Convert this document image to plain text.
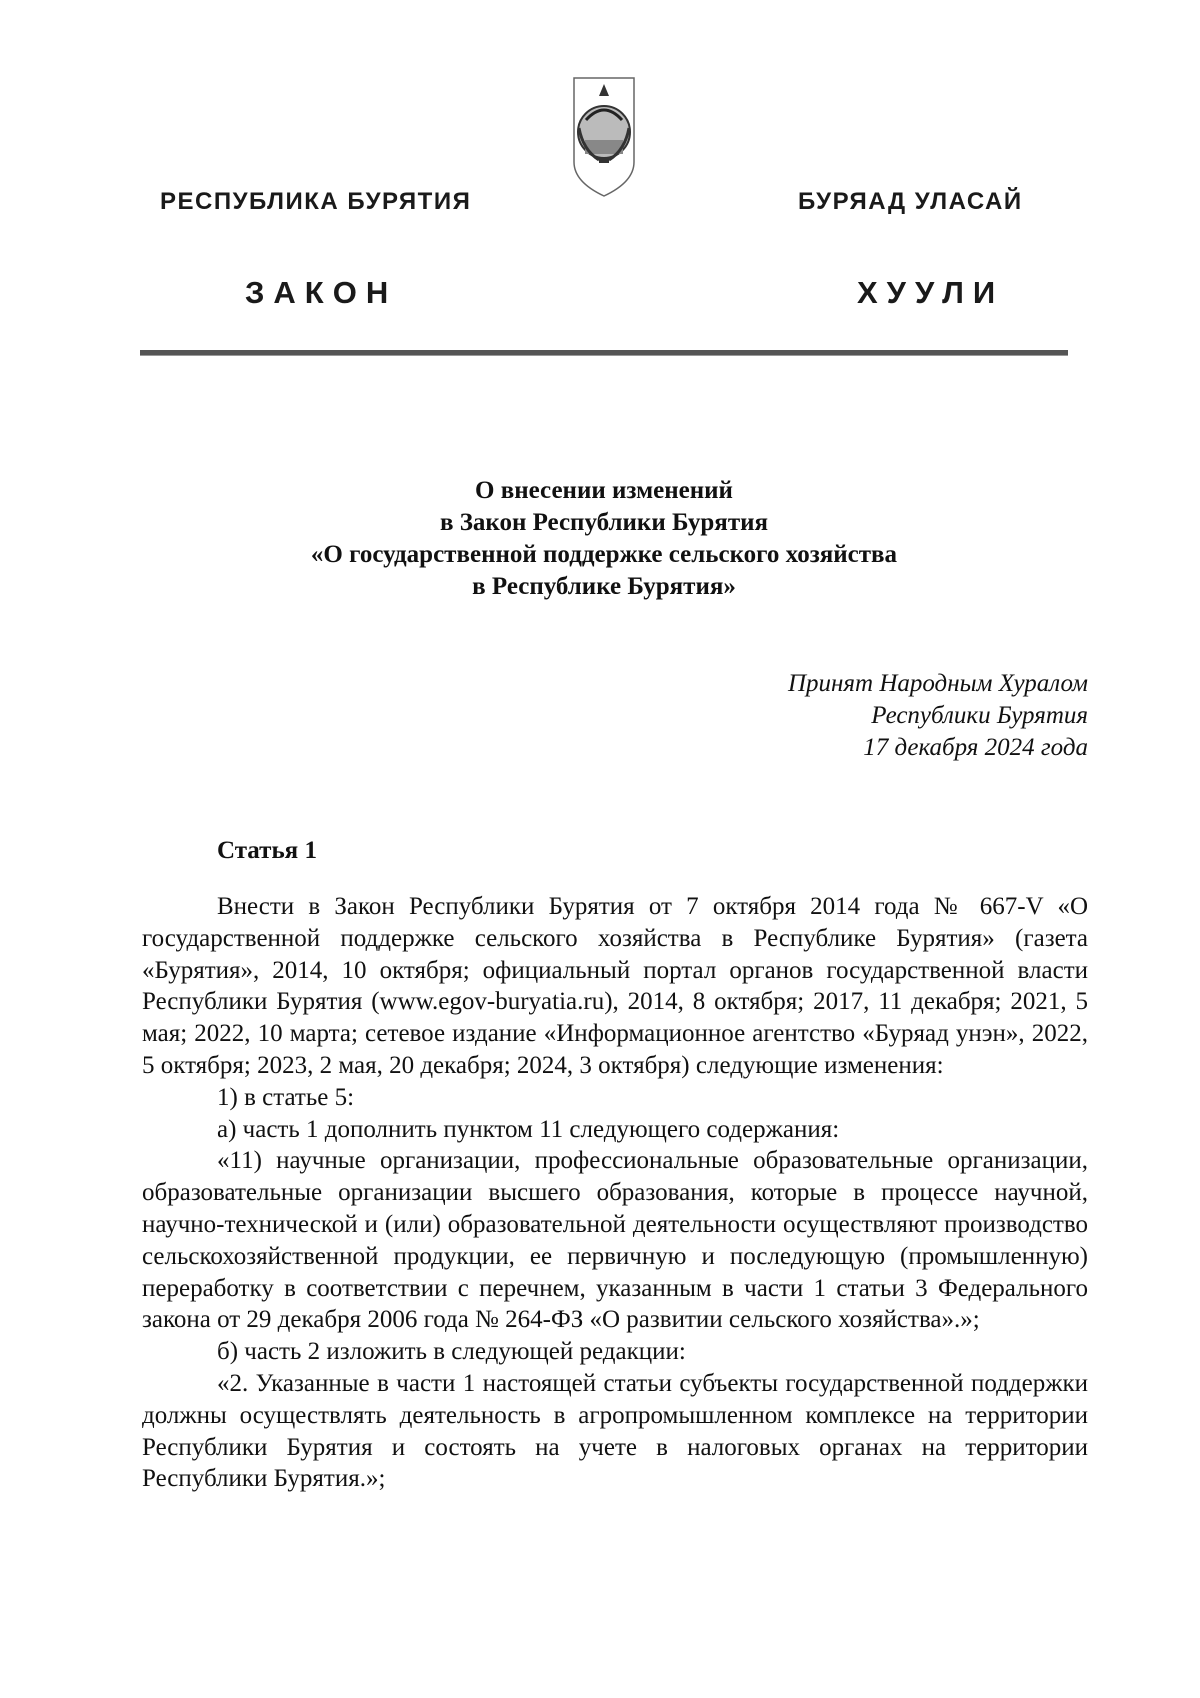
РЕСПУБЛИКА БУРЯТИЯ	БУРЯАД УЛАСАЙ
ЗАКОН	ХУУЛИ
О внесении изменений
в Закон Республики Бурятия
«О государственной поддержке сельского хозяйства
в Республике Бурятия»
Принят Народным Хуралом
Республики Бурятия
17 декабря 2024 года
Статья 1

Внести в Закон Республики Бурятия от 7 октября 2014 года № 667-V «О государственной поддержке сельского хозяйства в Республике Бурятия» (газета «Бурятия», 2014, 10 октября; официальный портал органов государственной власти Республики Бурятия (www.egov-buryatia.ru), 2014, 8 октября; 2017, 11 декабря; 2021, 5 мая; 2022, 10 марта; сетевое издание «Информационное агентство «Буряад унэн», 2022, 5 октября; 2023, 2 мая, 20 декабря; 2024, 3 октября) следующие изменения:

1) в статье 5:

а) часть 1 дополнить пунктом 11 следующего содержания:

«11) научные организации, профессиональные образовательные организации, образовательные организации высшего образования, которые в процессе научной, научно-технической и (или) образовательной деятельности осуществляют производство сельскохозяйственной продукции, ее первичную и последующую (промышленную) переработку в соответствии с перечнем, указанным в части 1 статьи 3 Федерального закона от 29 декабря 2006 года № 264-ФЗ «О развитии сельского хозяйства».»;

б) часть 2 изложить в следующей редакции:

«2. Указанные в части 1 настоящей статьи субъекты государственной поддержки должны осуществлять деятельность в агропромышленном комплексе на территории Республики Бурятия и состоять на учете в налоговых органах на территории Республики Бурятия.»;
